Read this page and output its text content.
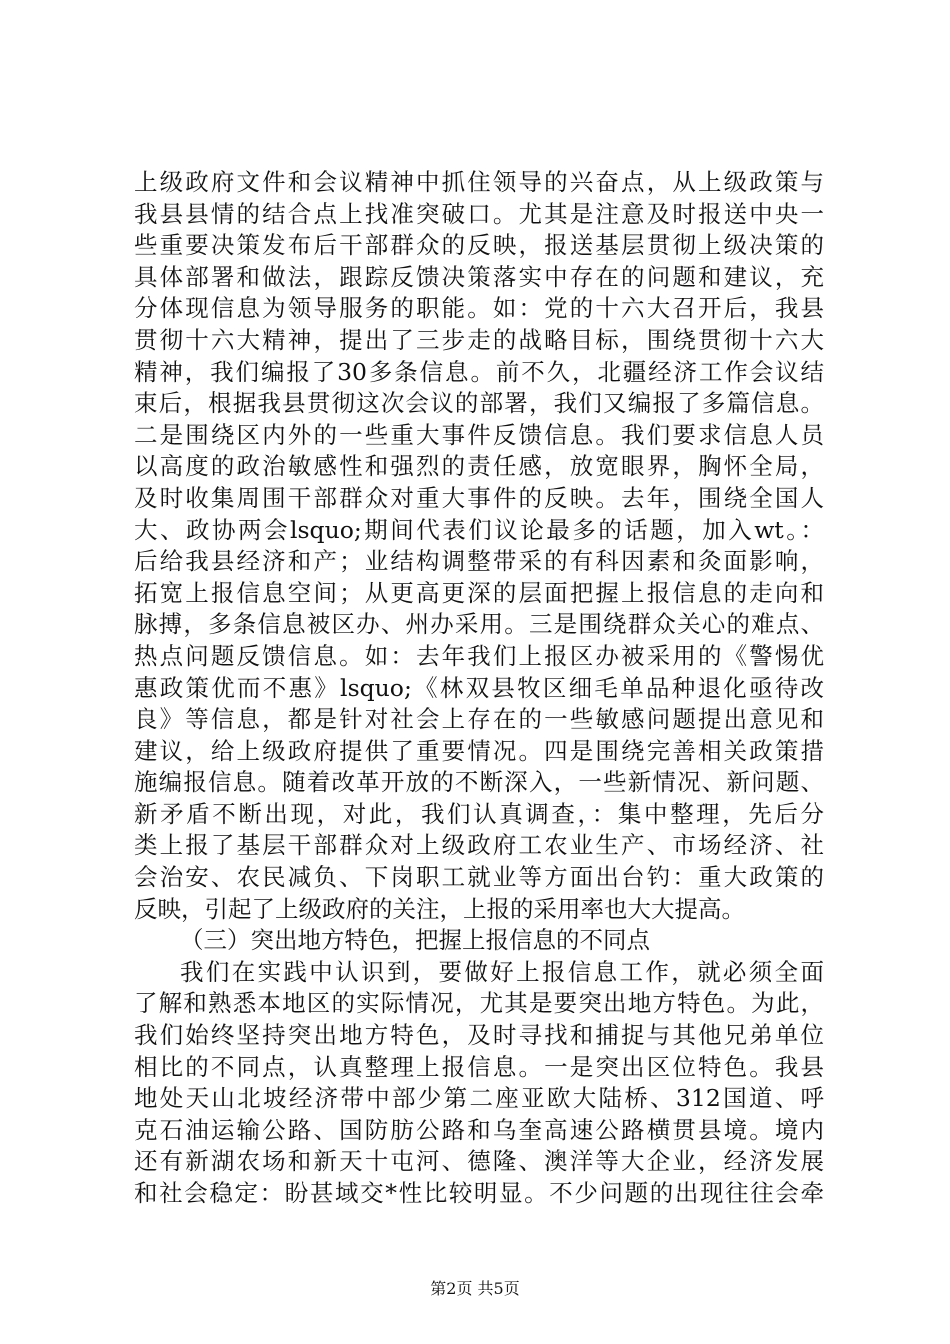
上级政府文件和会议精神中抓住领导的兴奋点，从上级政策与
我县县情的结合点上找准突破口。尤其是注意及时报送中央一
些重要决策发布后干部群众的反映，报送基层贯彻上级决策的
具体部署和做法，跟踪反馈决策落实中存在的问题和建议，充
分体现信息为领导服务的职能。如：党的十六大召开后，我县
贯彻十六大精神，提出了三步走的战略目标，围绕贯彻十六大
精神，我们编报了30多条信息。前不久，北疆经济工作会议结
束后，根据我县贯彻这次会议的部署，我们又编报了多篇信息。
二是围绕区内外的一些重大事件反馈信息。我们要求信息人员
以高度的政治敏感性和强烈的责任感，放宽眼界，胸怀全局，
及时收集周围干部群众对重大事件的反映。去年，围绕全国人
大、政协两会lsquo;期间代表们议论最多的话题，加入wt。：
后给我县经济和产；业结构调整带采的有科因素和灸面影响，
拓宽上报信息空间；从更高更深的层面把握上报信息的走向和
脉搏，多条信息被区办、州办采用。三是围绕群众关心的难点、
热点问题反馈信息。如：去年我们上报区办被采用的《警惕优
惠政策优而不惠》lsquo;《林双县牧区细毛单品种退化亟待改
良》等信息，都是针对社会上存在的一些敏感问题提出意见和
建议，给上级政府提供了重要情况。四是围绕完善相关政策措
施编报信息。随着改革开放的不断深入，一些新情况、新问题、
新矛盾不断出现，对此，我们认真调查，：集中整理，先后分
类上报了基层干部群众对上级政府工农业生产、市场经济、社
会治安、农民减负、下岗职工就业等方面出台钓：重大政策的
反映，引起了上级政府的关注，上报的采用率也大大提高。
（三）突出地方特色，把握上报信息的不同点
我们在实践中认识到，要做好上报信息工作，就必须全面
了解和熟悉本地区的实际情况，尤其是要突出地方特色。为此，
我们始终坚持突出地方特色，及时寻找和捕捉与其他兄弟单位
相比的不同点，认真整理上报信息。一是突出区位特色。我县
地处天山北坡经济带中部少第二座亚欧大陆桥、312国道、呼
克石油运输公路、国防肪公路和乌奎高速公路横贯县境。境内
还有新湖农场和新天十屯河、德隆、澳洋等大企业，经济发展
和社会稳定：盼甚域交*性比较明显。不少问题的出现往往会牵
第2页 共5页
